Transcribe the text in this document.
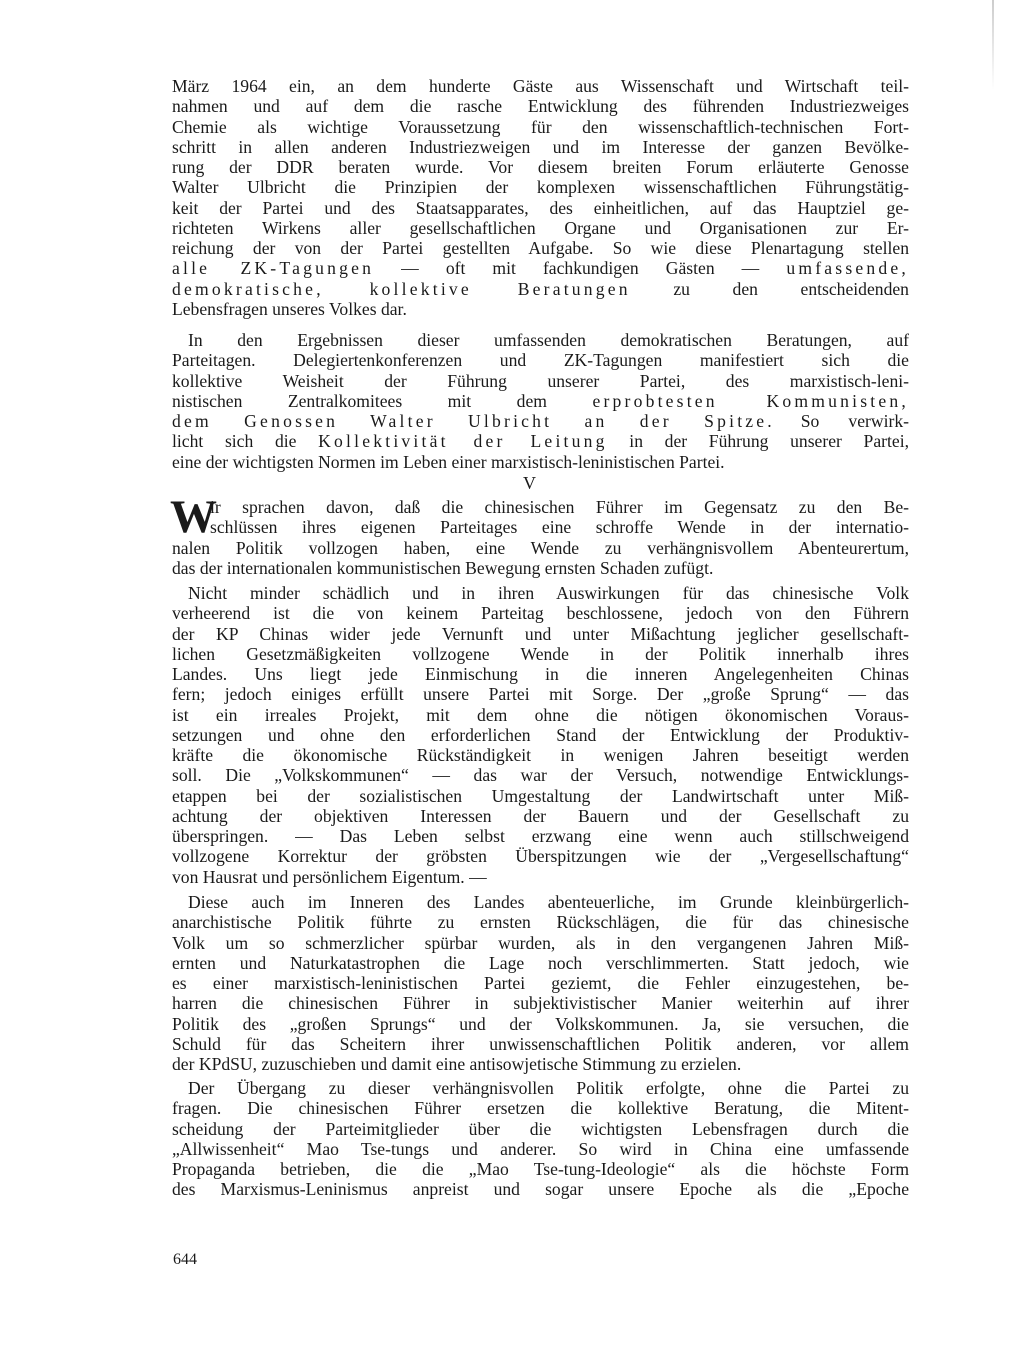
März 1964 ein, an dem hunderte Gäste aus Wissenschaft und Wirtschaft teil-
nahmen und auf dem die rasche Entwicklung des führenden Industriezweiges
Chemie als wichtige Voraussetzung für den wissenschaftlich-technischen Fort-
schritt in allen anderen Industriezweigen und im Interesse der ganzen Bevölke-
rung der DDR beraten wurde. Vor diesem breiten Forum erläuterte Genosse
Walter Ulbricht die Prinzipien der komplexen wissenschaftlichen Führungstätig-
keit der Partei und des Staatsapparates, des einheitlichen, auf das Hauptziel ge-
richteten Wirkens aller gesellschaftlichen Organe und Organisationen zur Er-
reichung der von der Partei gestellten Aufgabe. So wie diese Plenartagung stellen
alle ZK-Tagungen — oft mit fachkundigen Gästen — umfassende,
demokratische, kollektive Beratungen zu den entscheidenden
Lebensfragen unseres Volkes dar.
In den Ergebnissen dieser umfassenden demokratischen Beratungen, auf
Parteitagen. Delegiertenkonferenzen und ZK-Tagungen manifestiert sich die
kollektive Weisheit der Führung unserer Partei, des marxistisch-leni-
nistischen Zentralkomitees mit dem erprobtesten Kommunisten,
dem Genossen Walter Ulbricht an der Spitze. So verwirk-
licht sich die Kollektivität der Leitung in der Führung unserer Partei,
eine der wichtigsten Normen im Leben einer marxistisch-leninistischen Partei.
V
W
ir sprachen davon, daß die chinesischen Führer im Gegensatz zu den Be-
schlüssen ihres eigenen Parteitages eine schroffe Wende in der internatio-
nalen Politik vollzogen haben, eine Wende zu verhängnisvollem Abenteurertum,
das der internationalen kommunistischen Bewegung ernsten Schaden zufügt.
Nicht minder schädlich und in ihren Auswirkungen für das chinesische Volk
verheerend ist die von keinem Parteitag beschlossene, jedoch von den Führern
der KP Chinas wider jede Vernunft und unter Mißachtung jeglicher gesellschaft-
lichen Gesetzmäßigkeiten vollzogene Wende in der Politik innerhalb ihres
Landes. Uns liegt jede Einmischung in die inneren Angelegenheiten Chinas
fern; jedoch einiges erfüllt unsere Partei mit Sorge. Der „große Sprung“ — das
ist ein irreales Projekt, mit dem ohne die nötigen ökonomischen Voraus-
setzungen und ohne den erforderlichen Stand der Entwicklung der Produktiv-
kräfte die ökonomische Rückständigkeit in wenigen Jahren beseitigt werden
soll. Die „Volkskommunen“ — das war der Versuch, notwendige Entwicklungs-
etappen bei der sozialistischen Umgestaltung der Landwirtschaft unter Miß-
achtung der objektiven Interessen der Bauern und der Gesellschaft zu
überspringen. — Das Leben selbst erzwang eine wenn auch stillschweigend
vollzogene Korrektur der gröbsten Überspitzungen wie der „Vergesellschaftung“
von Hausrat und persönlichem Eigentum. —
Diese auch im Inneren des Landes abenteuerliche, im Grunde kleinbürgerlich-
anarchistische Politik führte zu ernsten Rückschlägen, die für das chinesische
Volk um so schmerzlicher spürbar wurden, als in den vergangenen Jahren Miß-
ernten und Naturkatastrophen die Lage noch verschlimmerten. Statt jedoch, wie
es einer marxistisch-leninistischen Partei geziemt, die Fehler einzugestehen, be-
harren die chinesischen Führer in subjektivistischer Manier weiterhin auf ihrer
Politik des „großen Sprungs“ und der Volkskommunen. Ja, sie versuchen, die
Schuld für das Scheitern ihrer unwissenschaftlichen Politik anderen, vor allem
der KPdSU, zuzuschieben und damit eine antisowjetische Stimmung zu erzielen.
Der Übergang zu dieser verhängnisvollen Politik erfolgte, ohne die Partei zu
fragen. Die chinesischen Führer ersetzen die kollektive Beratung, die Mitent-
scheidung der Parteimitglieder über die wichtigsten Lebensfragen durch die
„Allwissenheit“ Mao Tse-tungs und anderer. So wird in China eine umfassende
Propaganda betrieben, die die „Mao Tse-tung-Ideologie“ als die höchste Form
des Marxismus-Leninismus anpreist und sogar unsere Epoche als die „Epoche
644
